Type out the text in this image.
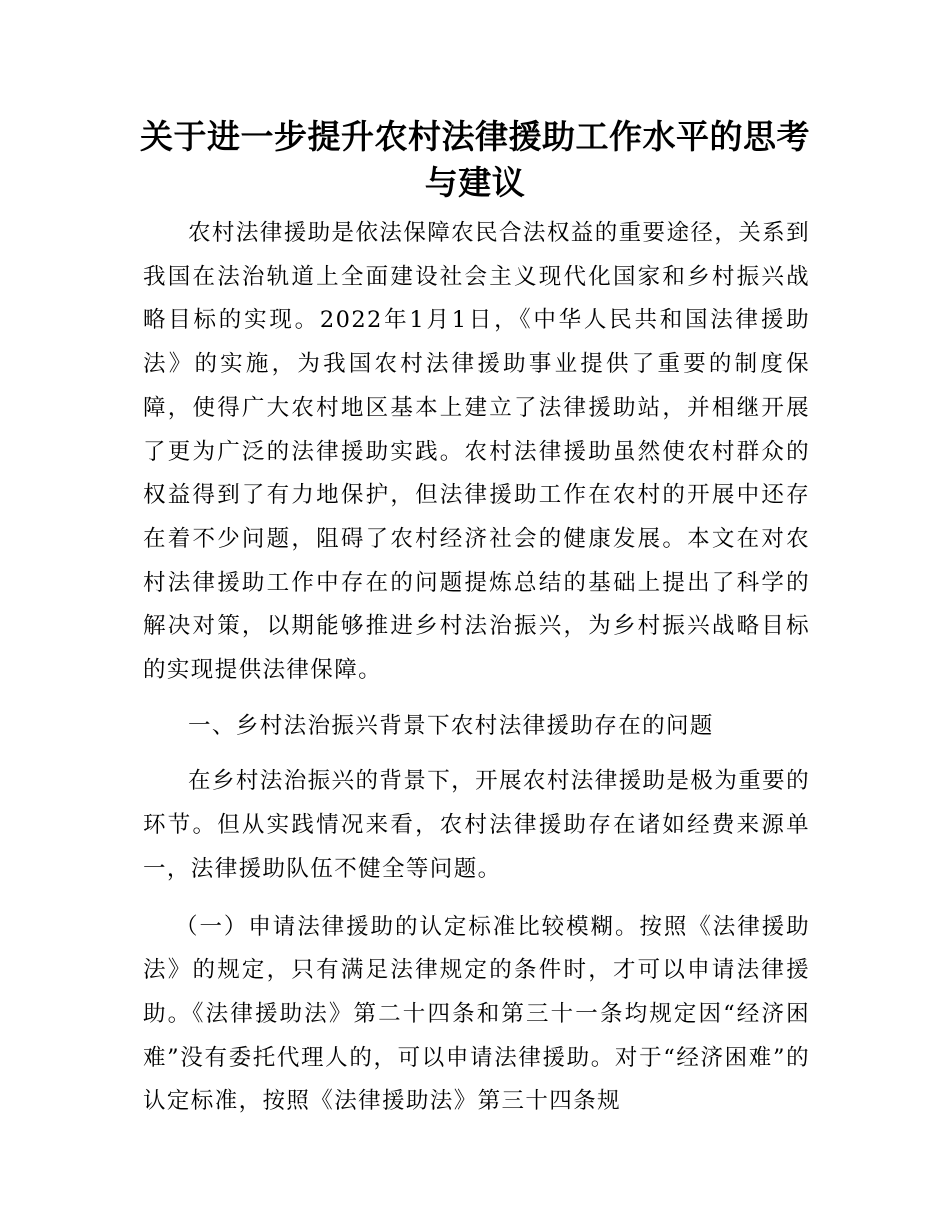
关于进一步提升农村法律援助工作水平的思考
与建议

农村法律援助是依法保障农民合法权益的重要途径，关系到我国在法治轨道上全面建设社会主义现代化国家和乡村振兴战略目标的实现。2022年1月1日，《中华人民共和国法律援助法》的实施，为我国农村法律援助事业提供了重要的制度保障，使得广大农村地区基本上建立了法律援助站，并相继开展了更为广泛的法律援助实践。农村法律援助虽然使农村群众的权益得到了有力地保护，但法律援助工作在农村的开展中还存在着不少问题，阻碍了农村经济社会的健康发展。本文在对农村法律援助工作中存在的问题提炼总结的基础上提出了科学的解决对策，以期能够推进乡村法治振兴，为乡村振兴战略目标的实现提供法律保障。

一、乡村法治振兴背景下农村法律援助存在的问题

在乡村法治振兴的背景下，开展农村法律援助是极为重要的环节。但从实践情况来看，农村法律援助存在诸如经费来源单一，法律援助队伍不健全等问题。

（一）申请法律援助的认定标准比较模糊。按照《法律援助法》的规定，只有满足法律规定的条件时，才可以申请法律援助。《法律援助法》第二十四条和第三十一条均规定因“经济困难”没有委托代理人的，可以申请法律援助。对于“经济困难”的认定标准，按照《法律援助法》第三十四条规
